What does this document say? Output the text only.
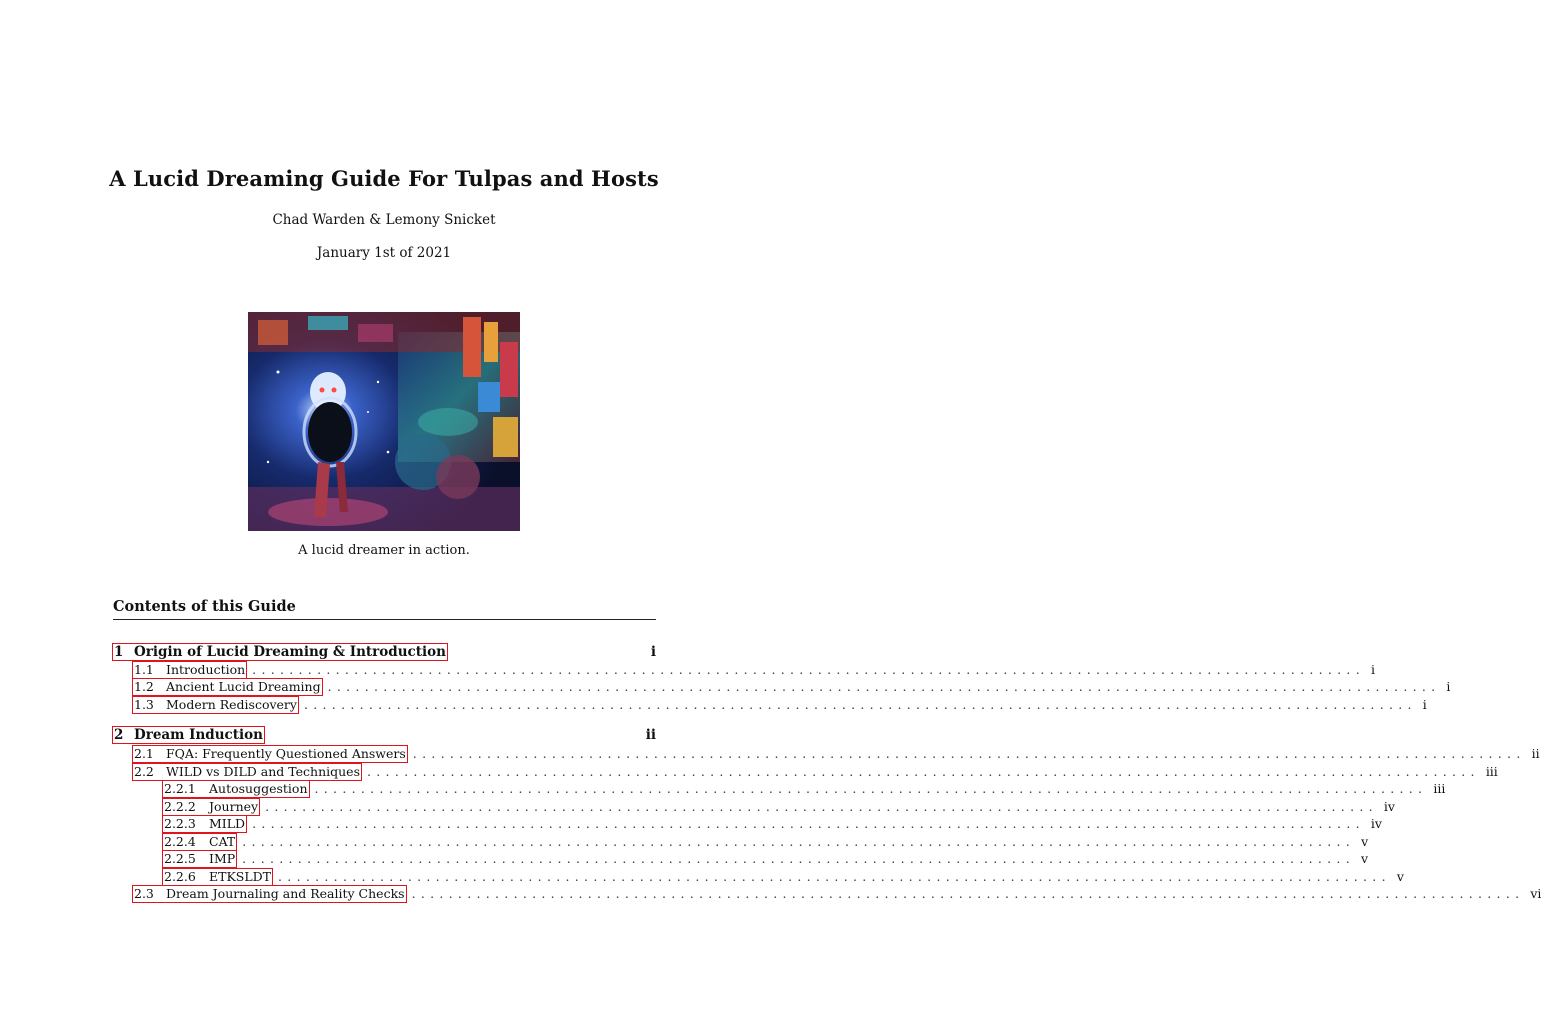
A Lucid Dreaming Guide For Tulpas and Hosts
Chad Warden & Lemony Snicket
January 1st of 2021
A lucid dreamer in action.
Contents of this Guide
1 Origin of Lucid Dreaming & Introduction	i
1.1 Introduction ........................................................................................................................ i
1.2 Ancient Lucid Dreaming ........................................................................................................................ i
1.3 Modern Rediscovery ........................................................................................................................ i
2 Dream Induction	ii
2.1 FQA: Frequently Questioned Answers ........................................................................................................................ ii
2.2 WILD vs DILD and Techniques ........................................................................................................................ iii
2.2.1	Autosuggestion ........................................................................................................................ iii
2.2.2	Journey ........................................................................................................................ iv
2.2.3	MILD ........................................................................................................................ iv
2.2.4	CAT ........................................................................................................................ v
2.2.5	IMP ........................................................................................................................ v
2.2.6	ETKSLDT ........................................................................................................................ v
2.3 Dream Journaling and Reality Checks ........................................................................................................................ vi
